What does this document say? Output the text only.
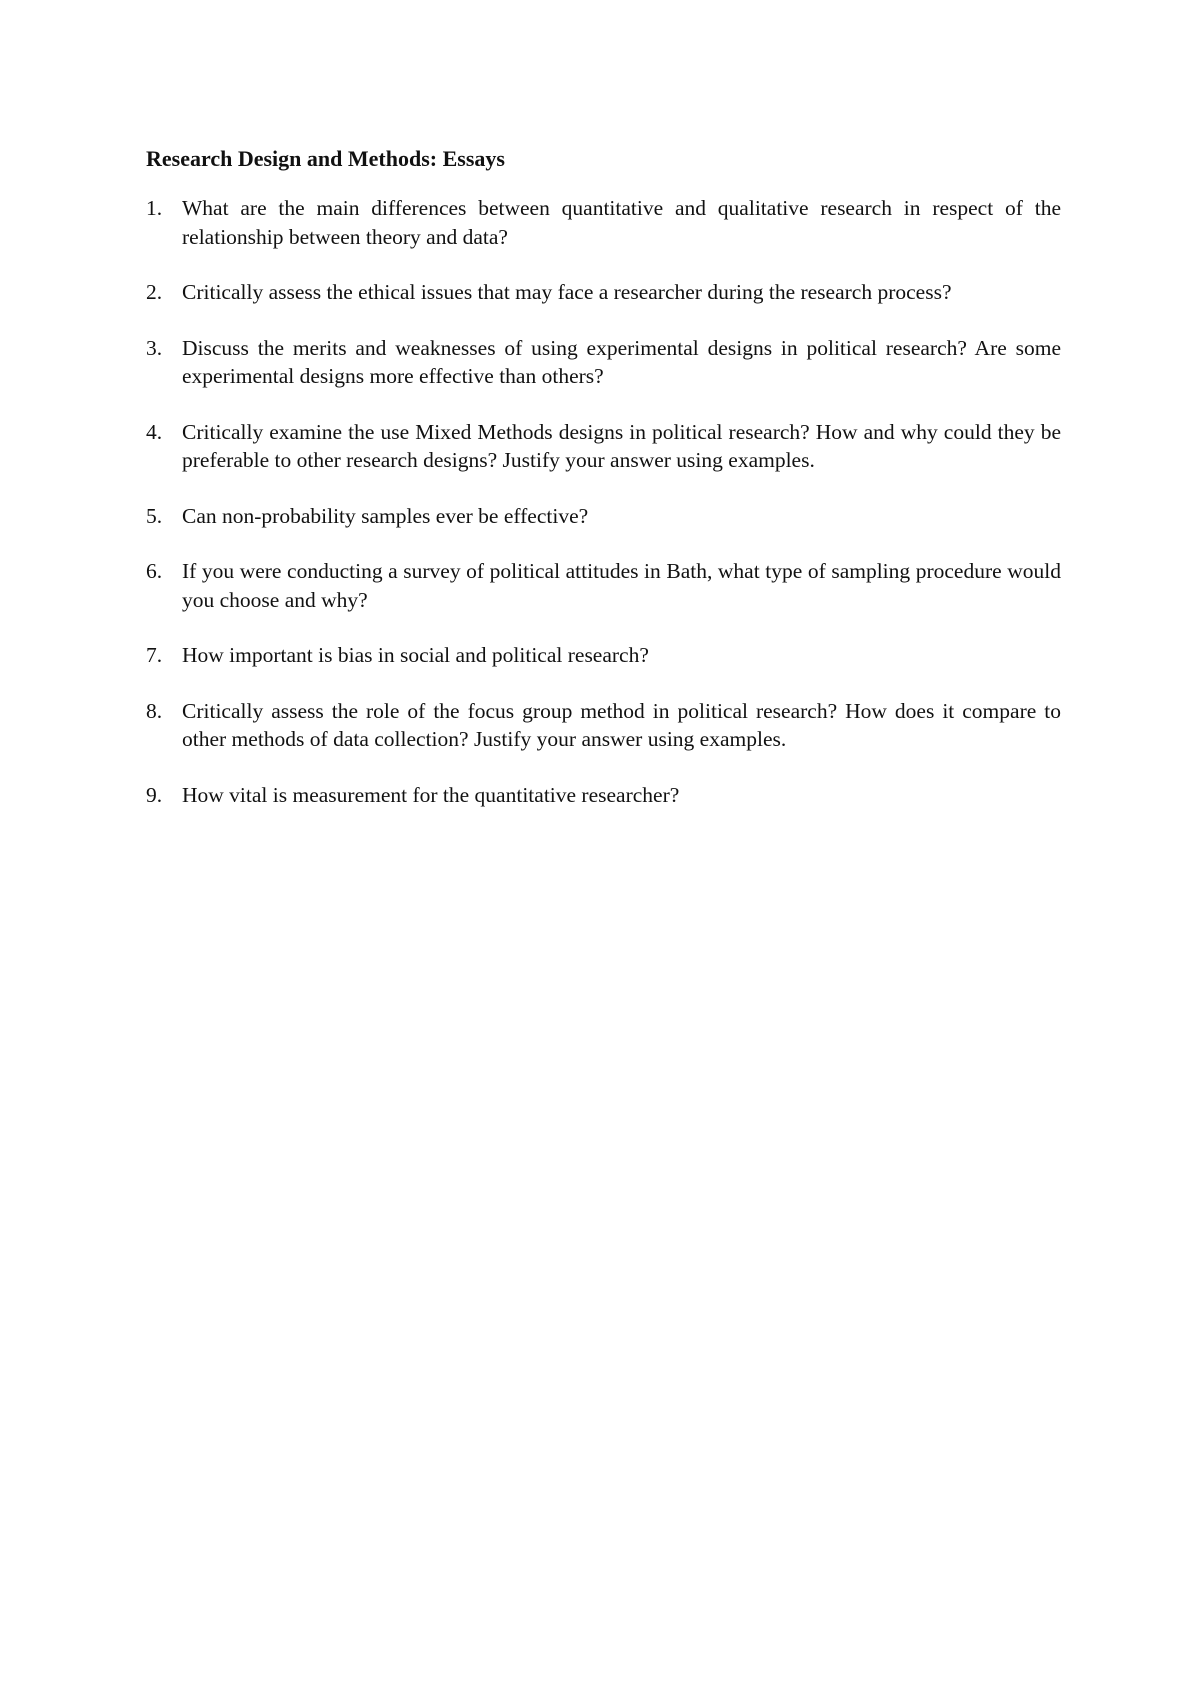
Research Design and Methods: Essays
1. What are the main differences between quantitative and qualitative research in respect of the relationship between theory and data?
2. Critically assess the ethical issues that may face a researcher during the research process?
3. Discuss the merits and weaknesses of using experimental designs in political research? Are some experimental designs more effective than others?
4. Critically examine the use Mixed Methods designs in political research? How and why could they be preferable to other research designs? Justify your answer using examples.
5. Can non-probability samples ever be effective?
6. If you were conducting a survey of political attitudes in Bath, what type of sampling procedure would you choose and why?
7. How important is bias in social and political research?
8. Critically assess the role of the focus group method in political research? How does it compare to other methods of data collection? Justify your answer using examples.
9. How vital is measurement for the quantitative researcher?
